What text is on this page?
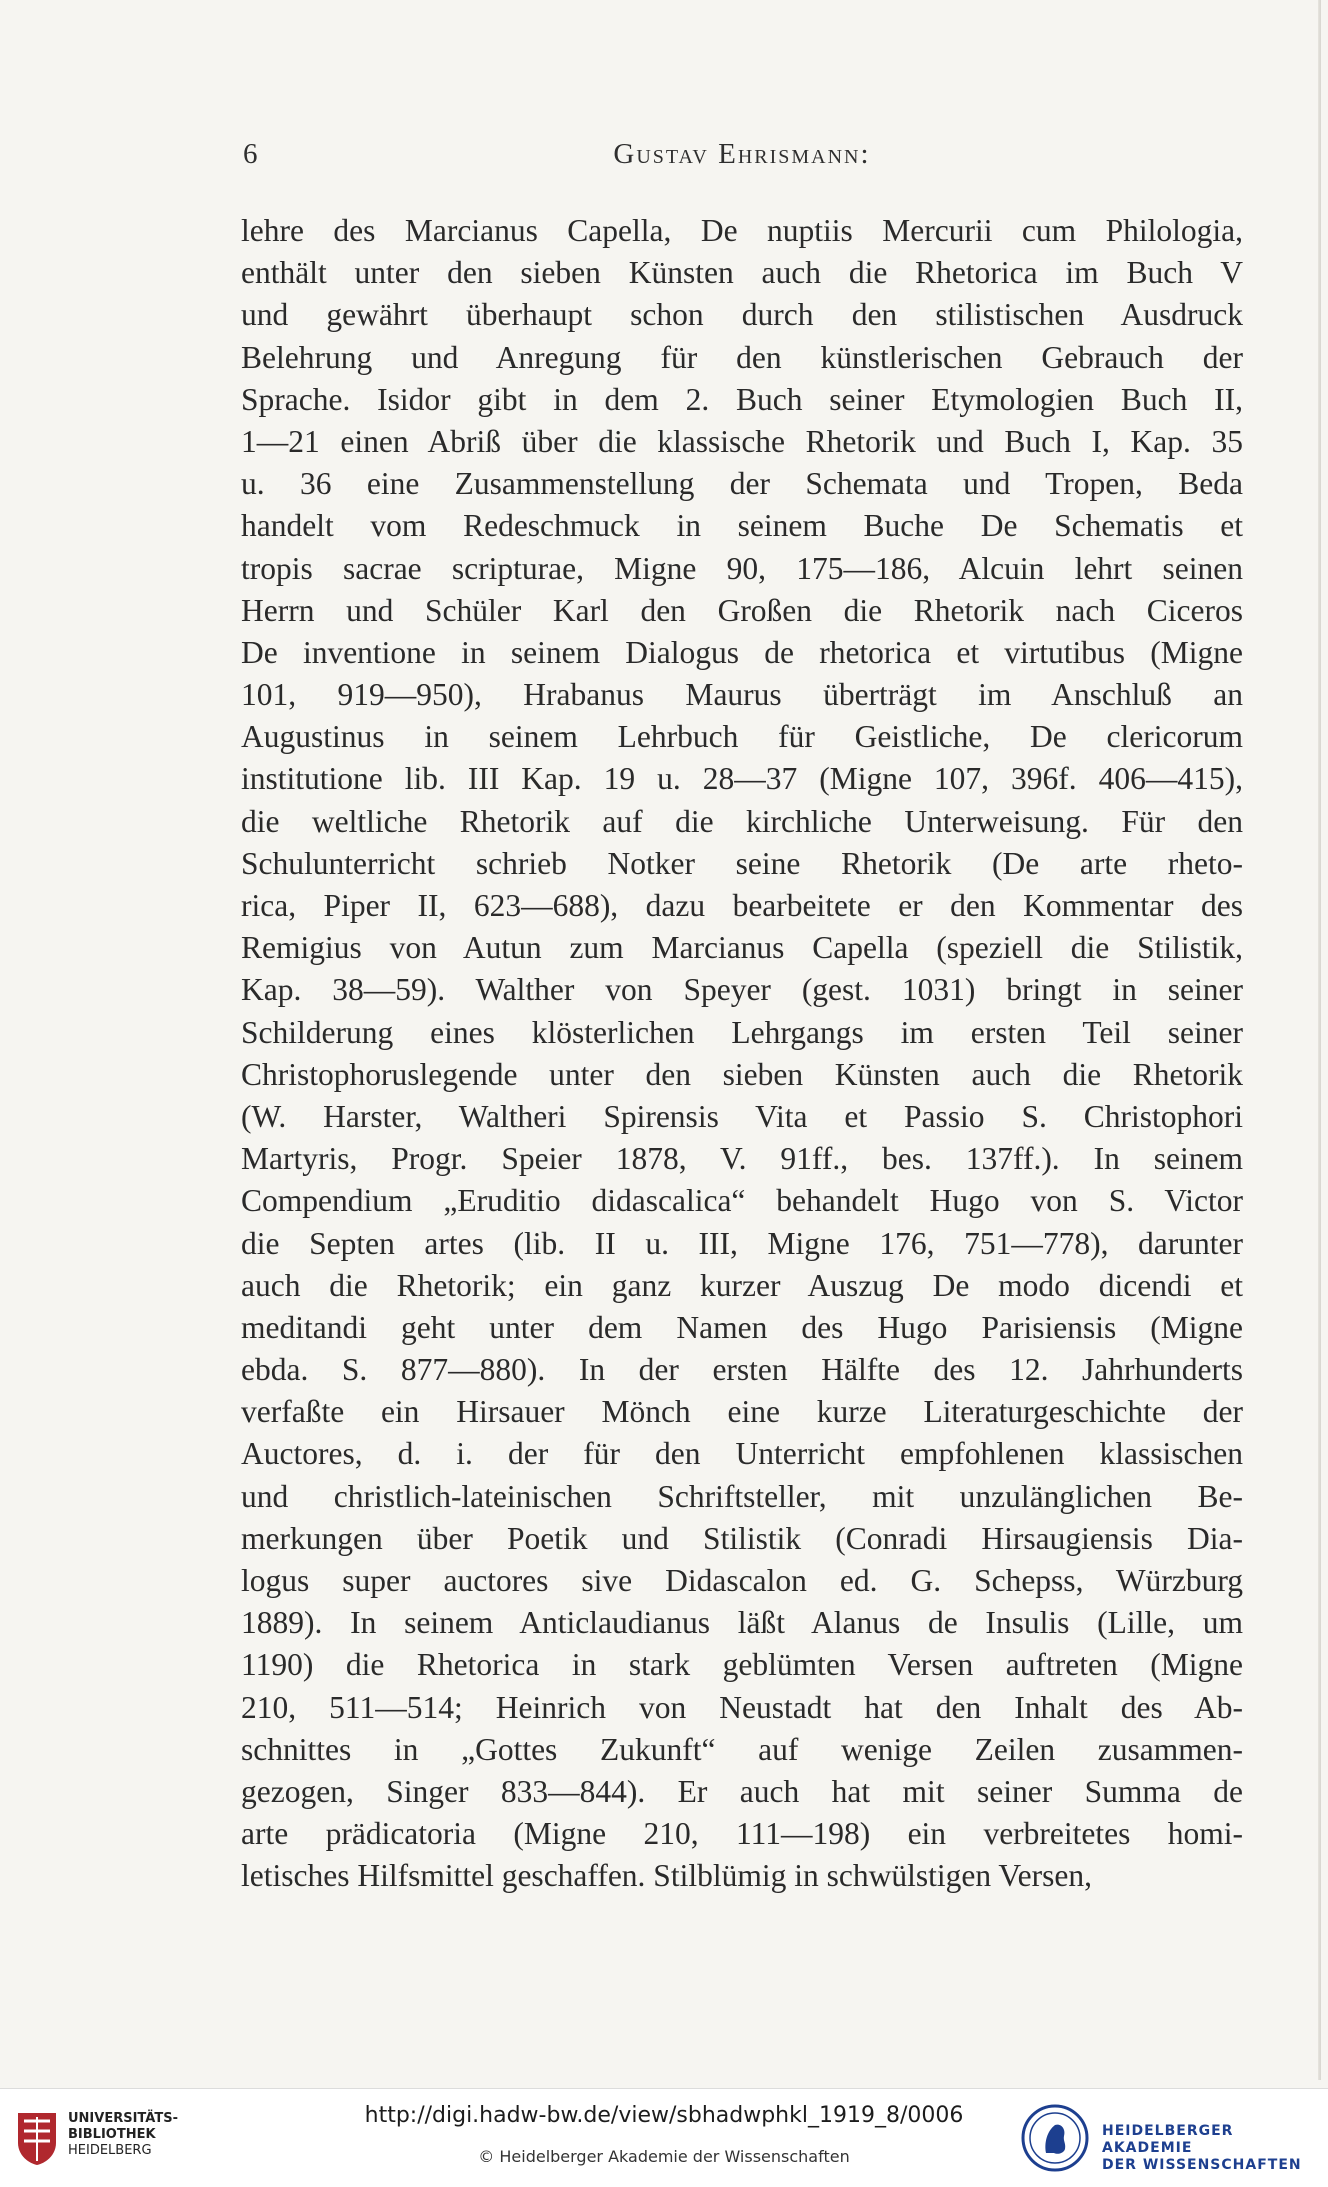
6	Gustav Ehrismann:
lehre des Marcianus Capella, De nuptiis Mercurii cum Philologia,
enthält unter den sieben Künsten auch die Rhetorica im Buch V
und gewährt überhaupt schon durch den stilistischen Ausdruck
Belehrung und Anregung für den künstlerischen Gebrauch der
Sprache. Isidor gibt in dem 2. Buch seiner Etymologien Buch II,
1—21 einen Abriß über die klassische Rhetorik und Buch I, Kap. 35
u. 36 eine Zusammenstellung der Schemata und Tropen, Beda
handelt vom Redeschmuck in seinem Buche De Schematis et
tropis sacrae scripturae, Migne 90, 175—186, Alcuin lehrt seinen
Herrn und Schüler Karl den Großen die Rhetorik nach Ciceros
De inventione in seinem Dialogus de rhetorica et virtutibus (Migne
101, 919—950), Hrabanus Maurus überträgt im Anschluß an
Augustinus in seinem Lehrbuch für Geistliche, De clericorum
institutione lib. III Kap. 19 u. 28—37 (Migne 107, 396f. 406—415),
die weltliche Rhetorik auf die kirchliche Unterweisung. Für den
Schulunterricht schrieb Notker seine Rhetorik (De arte rheto-
rica, Piper II, 623—688), dazu bearbeitete er den Kommentar des
Remigius von Autun zum Marcianus Capella (speziell die Stilistik,
Kap. 38—59). Walther von Speyer (gest. 1031) bringt in seiner
Schilderung eines klösterlichen Lehrgangs im ersten Teil seiner
Christophoruslegende unter den sieben Künsten auch die Rhetorik
(W. Harster, Waltheri Spirensis Vita et Passio S. Christophori
Martyris, Progr. Speier 1878, V. 91ff., bes. 137ff.). In seinem
Compendium „Eruditio didascalica“ behandelt Hugo von S. Victor
die Septen artes (lib. II u. III, Migne 176, 751—778), darunter
auch die Rhetorik; ein ganz kurzer Auszug De modo dicendi et
meditandi geht unter dem Namen des Hugo Parisiensis (Migne
ebda. S. 877—880). In der ersten Hälfte des 12. Jahrhunderts
verfaßte ein Hirsauer Mönch eine kurze Literaturgeschichte der
Auctores, d. i. der für den Unterricht empfohlenen klassischen
und christlich-lateinischen Schriftsteller, mit unzulänglichen Be-
merkungen über Poetik und Stilistik (Conradi Hirsaugiensis Dia-
logus super auctores sive Didascalon ed. G. Schepss, Würzburg
1889). In seinem Anticlaudianus läßt Alanus de Insulis (Lille, um
1190) die Rhetorica in stark geblümten Versen auftreten (Migne
210, 511—514; Heinrich von Neustadt hat den Inhalt des Ab-
schnittes in „Gottes Zukunft“ auf wenige Zeilen zusammen-
gezogen, Singer 833—844). Er auch hat mit seiner Summa de
arte prädicatoria (Migne 210, 111—198) ein verbreitetes homi-
letisches Hilfsmittel geschaffen. Stilblümig in schwülstigen Versen,
UNIVERSITÄTS-
BIBLIOTHEK
HEIDELBERG
http://digi.hadw-bw.de/view/sbhadwphkl_1919_8/0006
© Heidelberger Akademie der Wissenschaften
HEIDELBERGER AKADEMIE
DER WISSENSCHAFTEN
